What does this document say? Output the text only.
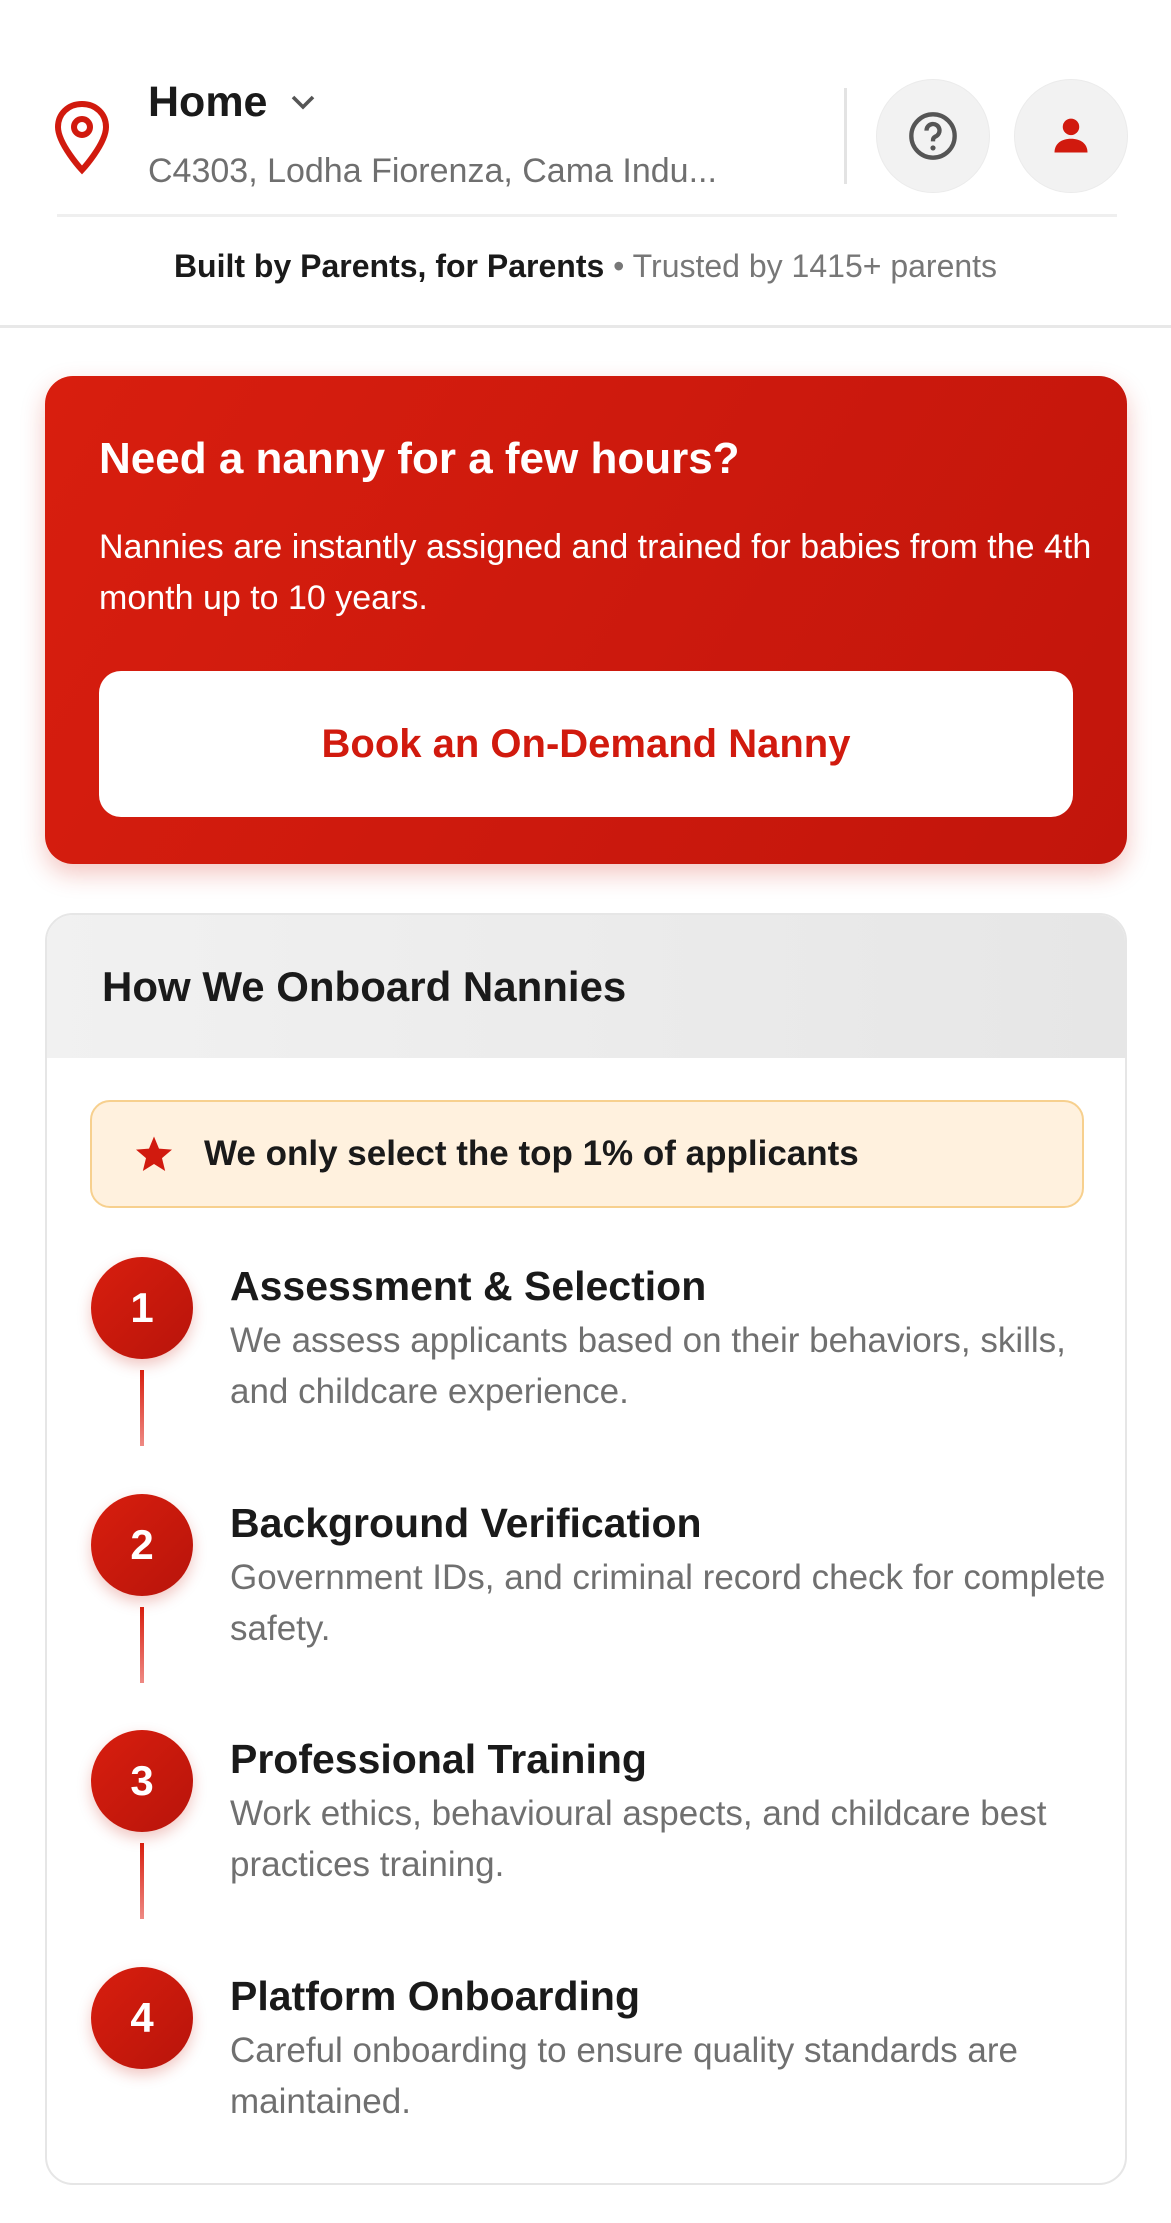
Home
C4303, Lodha Fiorenza, Cama Indu...
Built by Parents, for Parents • Trusted by 1415+ parents
Need a nanny for a few hours?

Nannies are instantly assigned and trained for babies from the 4th month up to 10 years.

Book an On-Demand Nanny
How We Onboard Nannies
We only select the top 1% of applicants
1	Assessment & Selection
We assess applicants based on their behaviors, skills, and childcare experience.
2	Background Verification
Government IDs, and criminal record check for complete safety.
3	Professional Training
Work ethics, behavioural aspects, and childcare best practices training.
4	Platform Onboarding
Careful onboarding to ensure quality standards are maintained.
